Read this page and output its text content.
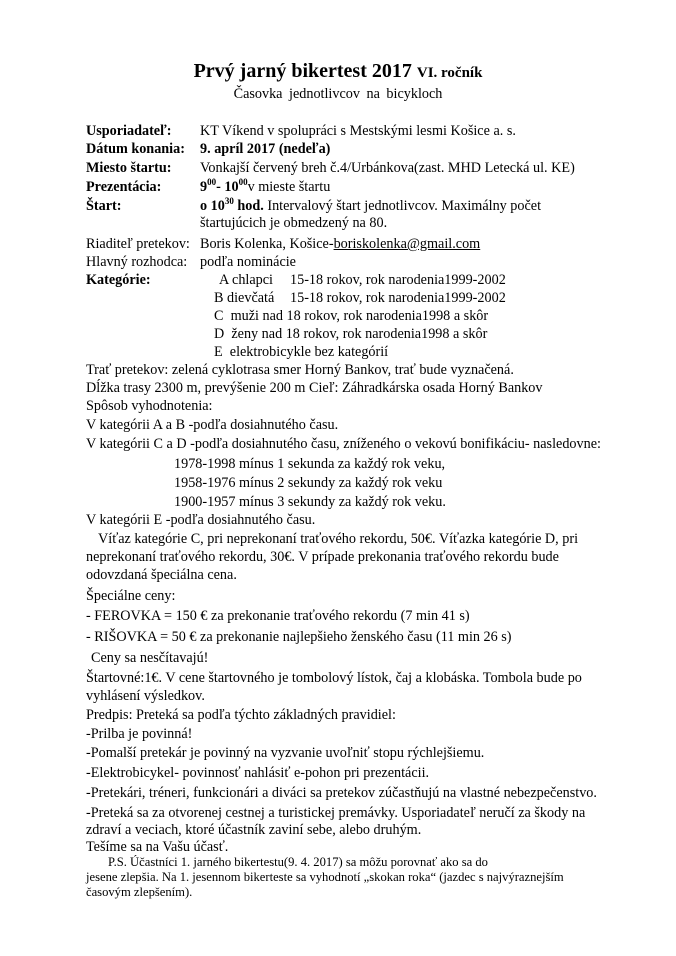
Prvý jarný bikertest 2017 VI. ročník
Časovka jednotlivcov na bicykloch
Usporiadateľ: KT Víkend v spolupráci s Mestskými lesmi Košice a. s.
Dátum konania: 9. apríl 2017 (nedeľa)
Miesto štartu: Vonkajší červený breh č.4/Urbánkova(zast. MHD Letecká ul. KE)
Prezentácia:	$9^{00}-$ $10^{00}v$ mieste štartu
Štart:	o $10^{30}$ hod. Intervalový štart jednotlivcov. Maximálny počet
štartujúcich je obmedzený na 80.
Riaditeľ pretekov: Boris Kolenka, Košice-boriskolenka@gmail.com
Hlavný rozhodca: podľa nominácie
Kategórie:	A chlapci 15-18 rokov, rok narodenia1999-2002
B dievčatá 15-18 rokov, rok narodenia1999-2002
C muži nad 18 rokov, rok narodenia1998 a skôr
D ženy nad 18 rokov, rok narodenia1998 a skôr
E elektrobicykle bez kategórií
Trať pretekov: zelená cyklotrasa smer Horný Bankov, trať bude vyznačená.
Dĺžka trasy 2300 m, prevýšenie 200 m Cieľ: Záhradkárska osada Horný Bankov
Spôsob vyhodnotenia:
V kategórii A a B -podľa dosiahnutého času.
V kategórii C a D -podľa dosiahnutého času, zníženého o vekovú bonifikáciu- nasledovne:
1978-1998 mínus 1 sekunda za každý rok veku,
1958-1976 mínus 2 sekundy za každý rok veku
1900-1957 mínus 3 sekundy za každý rok veku.
V kategórii E -podľa dosiahnutého času.
Víťaz kategórie C, pri neprekonaní traťového rekordu, 50€. Víťazka kategórie D, pri
neprekonaní traťového rekordu, 30€. V prípade prekonania traťového rekordu bude
odovzdaná špeciálna cena.
Špeciálne ceny:
- FEROVKA = 150 € za prekonanie traťového rekordu (7 min 41 s)
- RIŠOVKA = 50 € za prekonanie najlepšieho ženského času (11 min 26 s)
Ceny sa nesčítavajú!
Štartovné:1€. V cene štartovného je tombolový lístok, čaj a klobáska. Tombola bude po
vyhlásení výsledkov.
Predpis: Preteká sa podľa týchto základných pravidiel:
-Prilba je povinná!
-Pomalší pretekár je povinný na vyzvanie uvoľniť stopu rýchlejšiemu.
-Elektrobicykel- povinnosť nahlásiť e-pohon pri prezentácii.
-Pretekári, tréneri, funkcionári a diváci sa pretekov zúčastňujú na vlastné nebezpečenstvo.
-Preteká sa za otvorenej cestnej a turistickej premávky. Usporiadateľ neručí za škody na
zdraví a veciach, ktoré účastník zaviní sebe, alebo druhým.
Tešíme sa na Vašu účasť.
P.S. Účastníci 1. jarného bikertestu(9. 4. 2017) sa môžu porovnať ako sa do
jesene zlepšia. Na 1. jesennom bikerteste sa vyhodnotí „skokan roka“ (jazdec s najvýraznejším
časovým zlepšením).
